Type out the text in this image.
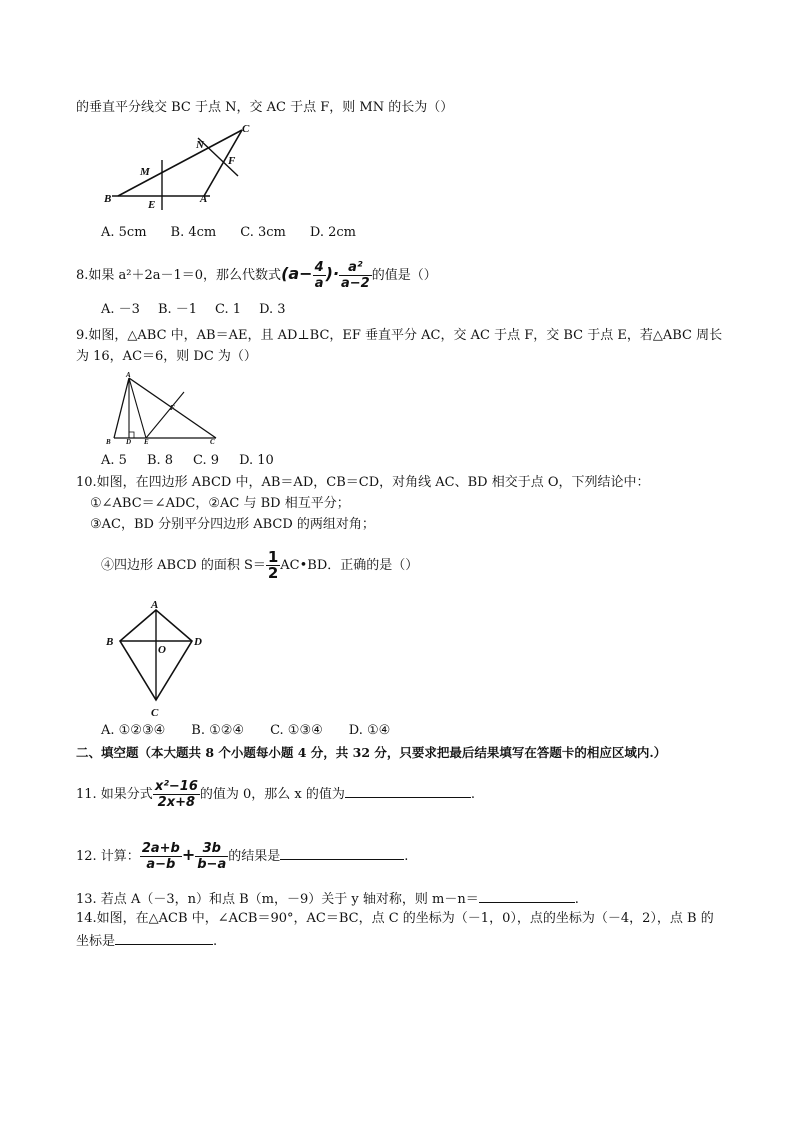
的垂直平分线交 BC 于点 N，交 AC 于点 F，则 MN 的长为（）
C
N
M
F
B	E	A
A. 5cm B. 4cm C. 3cm D. 2cm
8.如果 a²＋2a－1＝0，那么代数式($a- \frac{4}{a}$ )· $\frac{\text{a²}}{a-2}$ 的值是（）
A. －3 B. －1 C. 1 D. 3
9.如图，△ABC 中，AB＝AE，且 AD⊥BC，EF 垂直平分 AC，交 AC 于点 F，交 BC 于点 E，若△ABC 周长
为 16，AC＝6，则 DC 为（）
A
F
B D E	C
A. 5 B. 8 C. 9 D. 10
10.如图，在四边形 ABCD 中，AB＝AD，CB＝CD，对角线 AC、BD 相交于点 O，下列结论中：
①∠ABC＝∠ADC，②AC 与 BD 相互平分；
③AC，BD 分别平分四边形 ABCD 的两组对角；
④四边形 ABCD 的面积 $S= \frac{1}{2}$ AC•BD．正确的是（）
A
B
O
D
C
A. ①②③④ B. ①②④ C. ①③④ D. ①④
二、填空题（本大题共 8 个小题每小题 4 分，共 32 分，只要求把最后结果填写在答题卡的相应区域内.）
11. 如果分式 $\frac{\text{x²−16}}{2x+8}$ 的值为 0，那么 x 的值为	.
12. 计算： $\frac{2a+b}{a-b} + \frac{3b}{b-a}$ 的结果是	.
13. 若点 A（－3，n）和点 B（m，－9）关于 y 轴对称，则 m－n＝	.
14.如图，在△ACB 中，∠ACB＝90°，AC＝BC，点 C 的坐标为（－1，0），点的坐标为（－4，2），点 B 的
坐标是	.
